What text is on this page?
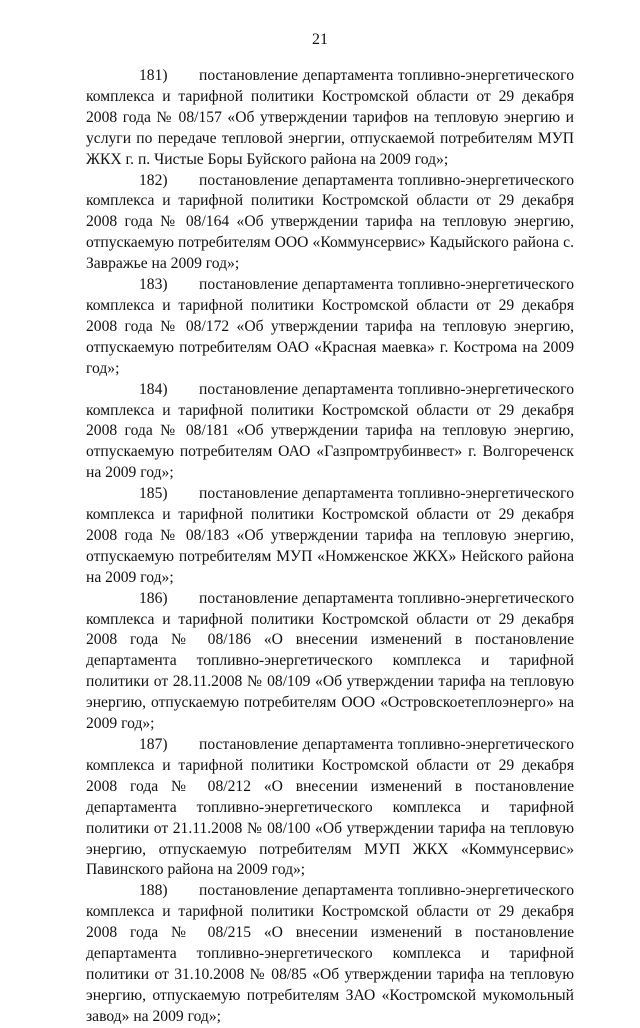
21

181) постановление департамента топливно-энергетического комплекса и тарифной политики Костромской области от 29 декабря 2008 года № 08/157 «Об утверждении тарифов на тепловую энергию и услуги по передаче тепловой энергии, отпускаемой потребителям МУП ЖКХ г. п. Чистые Боры Буйского района на 2009 год»;

182) постановление департамента топливно-энергетического комплекса и тарифной политики Костромской области от 29 декабря 2008 года № 08/164 «Об утверждении тарифа на тепловую энергию, отпускаемую потребителям ООО «Коммунсервис» Кадыйского района с. Завражье на 2009 год»;

183) постановление департамента топливно-энергетического комплекса и тарифной политики Костромской области от 29 декабря 2008 года № 08/172 «Об утверждении тарифа на тепловую энергию, отпускаемую потребителям ОАО «Красная маевка» г. Кострома на 2009 год»;

184) постановление департамента топливно-энергетического комплекса и тарифной политики Костромской области от 29 декабря 2008 года № 08/181 «Об утверждении тарифа на тепловую энергию, отпускаемую потребителям ОАО «Газпромтрубинвест» г. Волгореченск на 2009 год»;

185) постановление департамента топливно-энергетического комплекса и тарифной политики Костромской области от 29 декабря 2008 года № 08/183 «Об утверждении тарифа на тепловую энергию, отпускаемую потребителям МУП «Номженское ЖКХ» Нейского района на 2009 год»;

186) постановление департамента топливно-энергетического комплекса и тарифной политики Костромской области от 29 декабря 2008 года № 08/186 «О внесении изменений в постановление департамента топливно-энергетического комплекса и тарифной политики от 28.11.2008 № 08/109 «Об утверждении тарифа на тепловую энергию, отпускаемую потребителям ООО «Островскоетеплоэнерго» на 2009 год»;

187) постановление департамента топливно-энергетического комплекса и тарифной политики Костромской области от 29 декабря 2008 года № 08/212 «О внесении изменений в постановление департамента топливно-энергетического комплекса и тарифной политики от 21.11.2008 № 08/100 «Об утверждении тарифа на тепловую энергию, отпускаемую потребителям МУП ЖКХ «Коммунсервис» Павинского района на 2009 год»;

188) постановление департамента топливно-энергетического комплекса и тарифной политики Костромской области от 29 декабря 2008 года № 08/215 «О внесении изменений в постановление департамента топливно-энергетического комплекса и тарифной политики от 31.10.2008 № 08/85 «Об утверждении тарифа на тепловую энергию, отпускаемую потребителям ЗАО «Костромской мукомольный завод» на 2009 год»;
